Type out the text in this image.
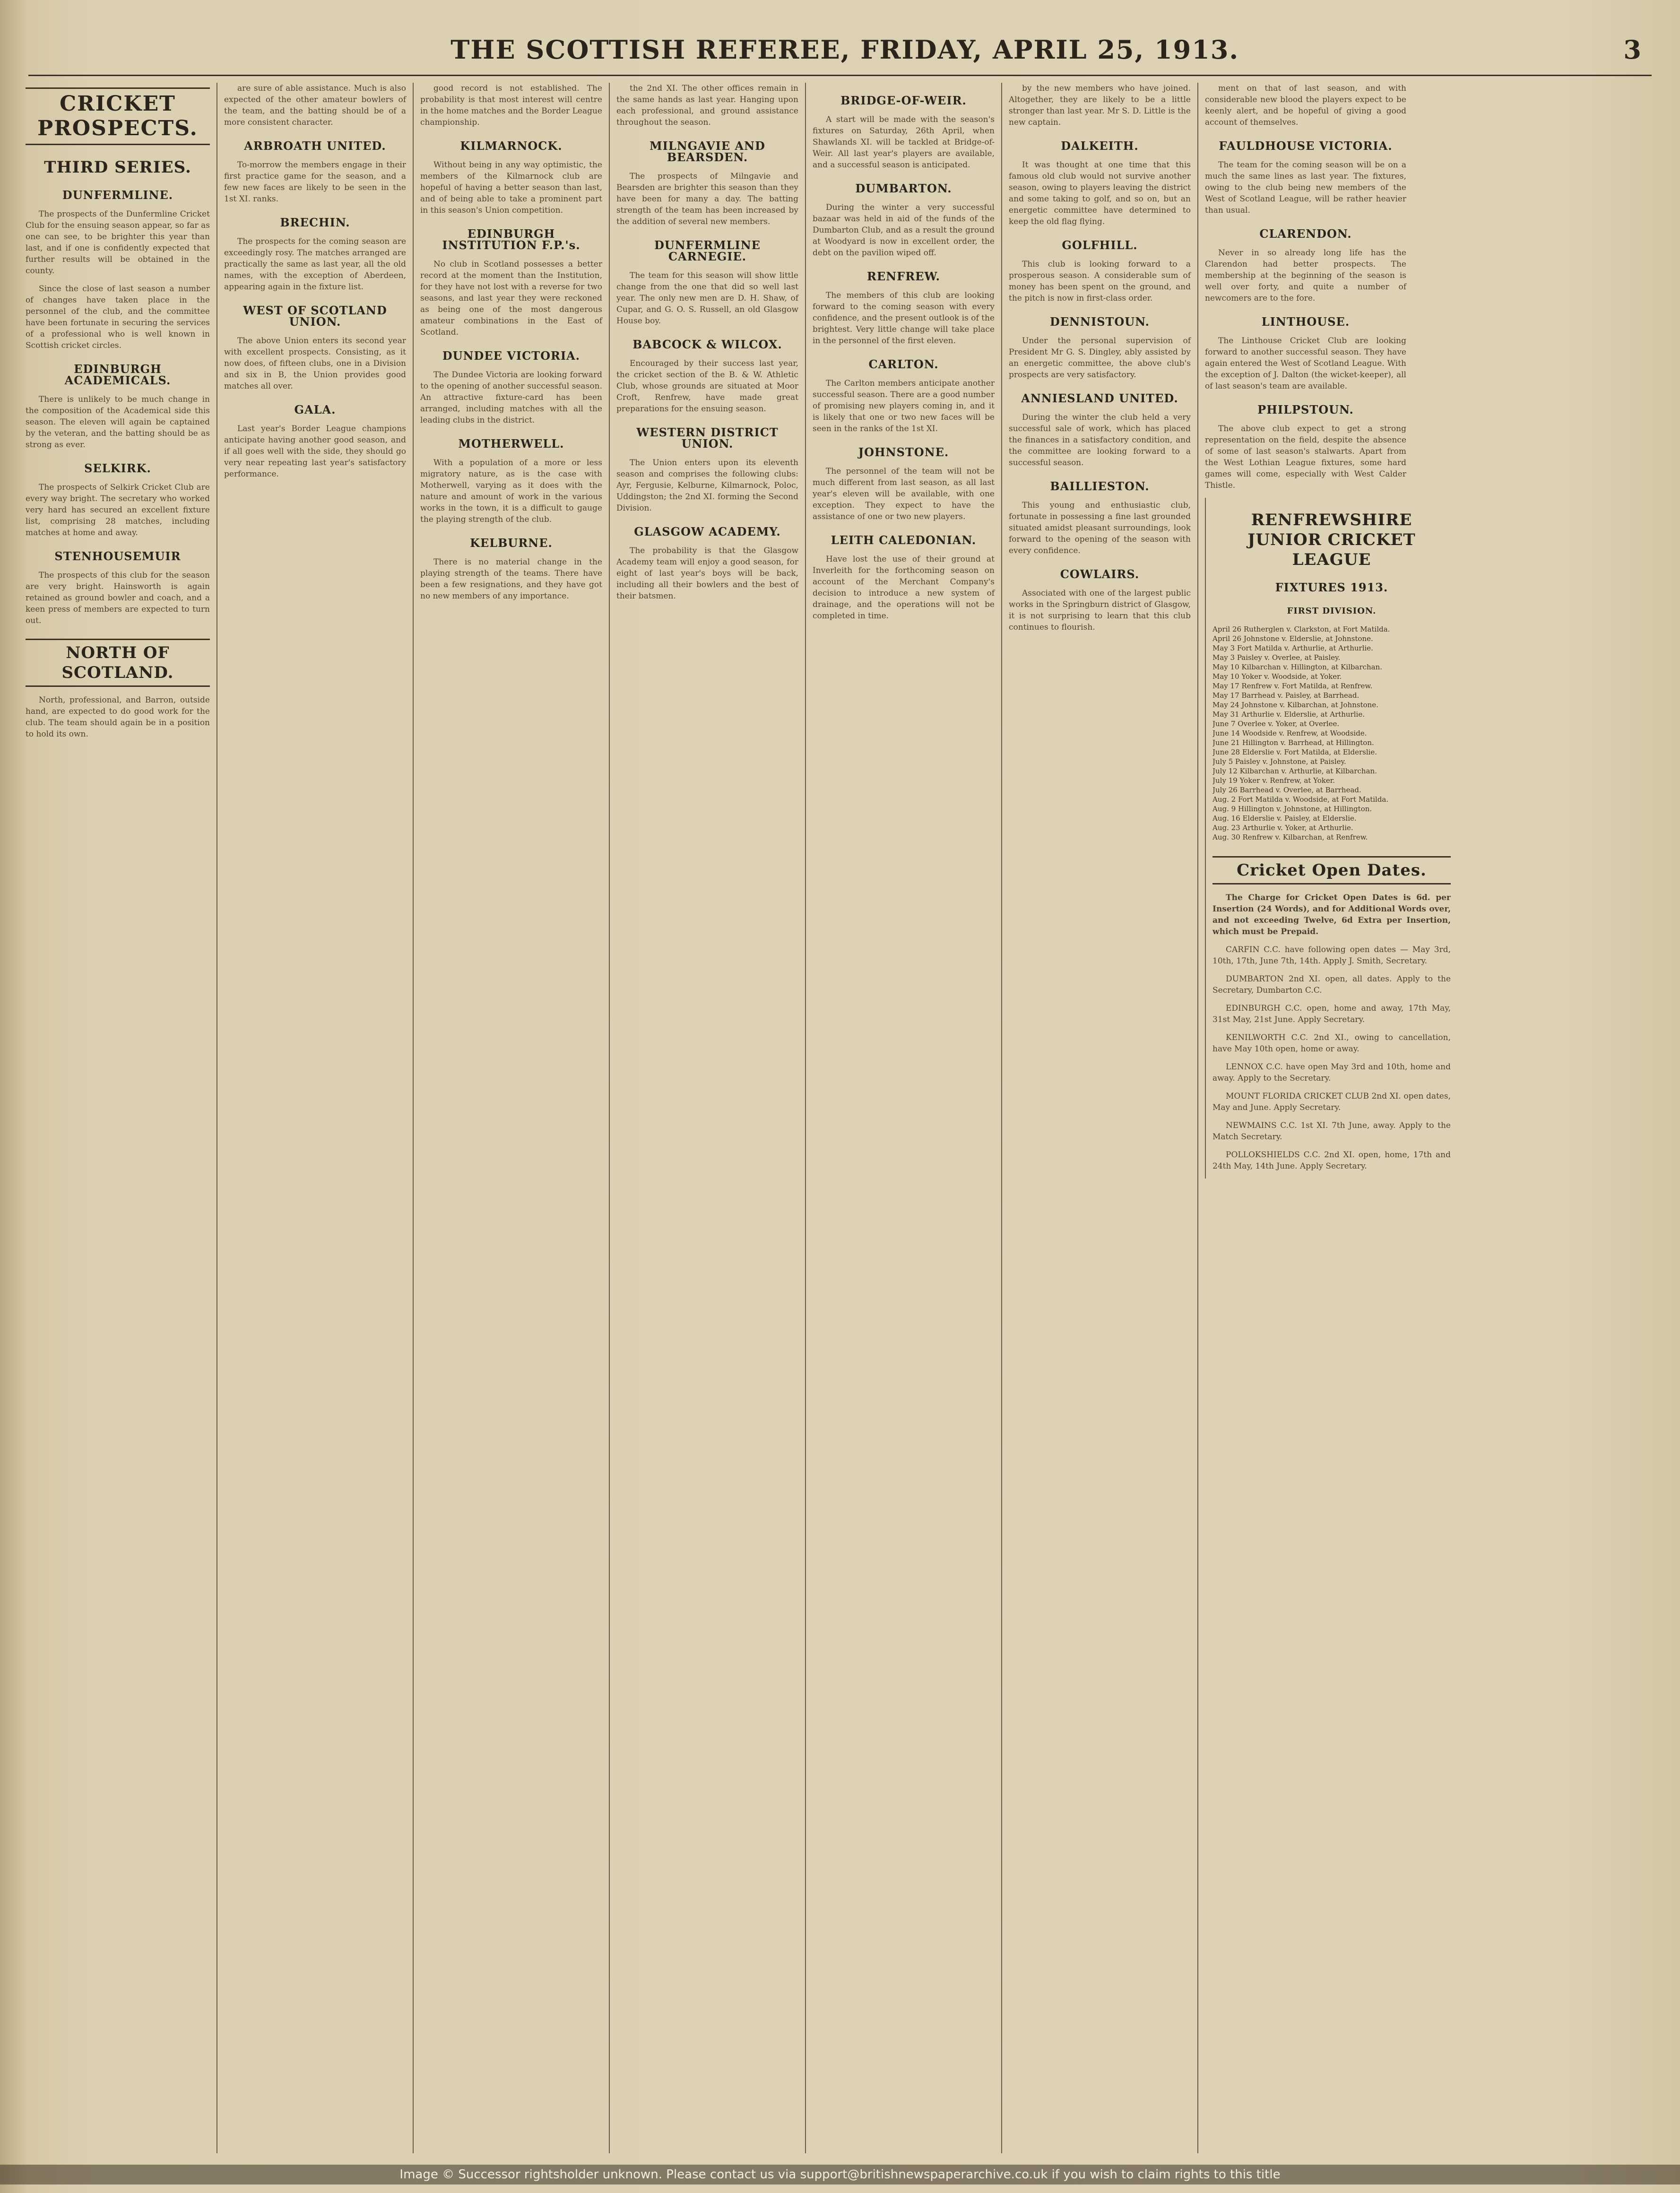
THE SCOTTISH REFEREE, FRIDAY, APRIL 25, 1913.	3
CRICKET PROSPECTS.
THIRD SERIES.
DUNFERMLINE.

The prospects of the Dunfermline Cricket Club for the ensuing season appear, so far as one can see, to be brighter this year than last, and if one is confidently expected that further results will be obtained in the county.

Since the close of last season a number of changes have taken place in the personnel of the club, and the committee have been fortunate in securing the services of a professional who is well known in Scottish cricket circles.

EDINBURGH ACADEMICALS.

There is unlikely to be much change in the composition of the Academical side this season. The eleven will again be captained by the veteran, and the batting should be as strong as ever.

SELKIRK.

The prospects of Selkirk Cricket Club are every way bright. The secretary who worked very hard has secured an excellent fixture list, comprising 28 matches, including matches at home and away.

STENHOUSEMUIR

The prospects of this club for the season are very bright. Hainsworth is again retained as ground bowler and coach, and a keen press of members are expected to turn out.

NORTH OF SCOTLAND.

North, professional, and Barron, outside hand, are expected to do good work for the club. The team should again be in a position to hold its own.

are sure of able assistance. Much is also expected of the other amateur bowlers of the team, and the batting should be of a more consistent character.

ARBROATH UNITED.

To-morrow the members engage in their first practice game for the season, and a few new faces are likely to be seen in the 1st XI. ranks.

BRECHIN.

The prospects for the coming season are exceedingly rosy. The matches arranged are practically the same as last year, all the old names, with the exception of Aberdeen, appearing again in the fixture list.

WEST OF SCOTLAND UNION.

The above Union enters its second year with excellent prospects. Consisting, as it now does, of fifteen clubs, one in a Division and six in B, the Union provides good matches all over.

GALA.

Last year's Border League champions anticipate having another good season, and if all goes well with the side, they should go very near repeating last year's satisfactory performance.

good record is not established. The probability is that most interest will centre in the home matches and the Border League championship.

KILMARNOCK.

Without being in any way optimistic, the members of the Kilmarnock club are hopeful of having a better season than last, and of being able to take a prominent part in this season's Union competition.

EDINBURGH INSTITUTION F.P.'s.

No club in Scotland possesses a better record at the moment than the Institution, for they have not lost with a reverse for two seasons, and last year they were reckoned as being one of the most dangerous amateur combinations in the East of Scotland.

DUNDEE VICTORIA.

The Dundee Victoria are looking forward to the opening of another successful season. An attractive fixture-card has been arranged, including matches with all the leading clubs in the district.

MOTHERWELL.

With a population of a more or less migratory nature, as is the case with Motherwell, varying as it does with the nature and amount of work in the various works in the town, it is a difficult to gauge the playing strength of the club.

KELBURNE.

There is no material change in the playing strength of the teams. There have been a few resignations, and they have got no new members of any importance.

the 2nd XI. The other offices remain in the same hands as last year. Hanging upon each professional, and ground assistance throughout the season.

MILNGAVIE AND BEARSDEN.

The prospects of Milngavie and Bearsden are brighter this season than they have been for many a day. The batting strength of the team has been increased by the addition of several new members.

DUNFERMLINE CARNEGIE.

The team for this season will show little change from the one that did so well last year. The only new men are D. H. Shaw, of Cupar, and G. O. S. Russell, an old Glasgow House boy.

BABCOCK & WILCOX.

Encouraged by their success last year, the cricket section of the B. & W. Athletic Club, whose grounds are situated at Moor Croft, Renfrew, have made great preparations for the ensuing season.

WESTERN DISTRICT UNION.

The Union enters upon its eleventh season and comprises the following clubs: Ayr, Fergusie, Kelburne, Kilmarnock, Poloc, Uddingston; the 2nd XI. forming the Second Division.

GLASGOW ACADEMY.

The probability is that the Glasgow Academy team will enjoy a good season, for eight of last year's boys will be back, including all their bowlers and the best of their batsmen.

BRIDGE-OF-WEIR.

A start will be made with the season's fixtures on Saturday, 26th April, when Shawlands XI. will be tackled at Bridge-of-Weir. All last year's players are available, and a successful season is anticipated.

DUMBARTON.

During the winter a very successful bazaar was held in aid of the funds of the Dumbarton Club, and as a result the ground at Woodyard is now in excellent order, the debt on the pavilion wiped off.

RENFREW.

The members of this club are looking forward to the coming season with every confidence, and the present outlook is of the brightest. Very little change will take place in the personnel of the first eleven.

CARLTON.

The Carlton members anticipate another successful season. There are a good number of promising new players coming in, and it is likely that one or two new faces will be seen in the ranks of the 1st XI.

JOHNSTONE.

The personnel of the team will not be much different from last season, as all last year's eleven will be available, with one exception. They expect to have the assistance of one or two new players.

LEITH CALEDONIAN.

Have lost the use of their ground at Inverleith for the forthcoming season on account of the Merchant Company's decision to introduce a new system of drainage, and the operations will not be completed in time.

by the new members who have joined. Altogether, they are likely to be a little stronger than last year. Mr S. D. Little is the new captain.

DALKEITH.

It was thought at one time that this famous old club would not survive another season, owing to players leaving the district and some taking to golf, and so on, but an energetic committee have determined to keep the old flag flying.

GOLFHILL.

This club is looking forward to a prosperous season. A considerable sum of money has been spent on the ground, and the pitch is now in first-class order.

DENNISTOUN.

Under the personal supervision of President Mr G. S. Dingley, ably assisted by an energetic committee, the above club's prospects are very satisfactory.

ANNIESLAND UNITED.

During the winter the club held a very successful sale of work, which has placed the finances in a satisfactory condition, and the committee are looking forward to a successful season.

BAILLIESTON.

This young and enthusiastic club, fortunate in possessing a fine last grounded situated amidst pleasant surroundings, look forward to the opening of the season with every confidence.

COWLAIRS.

Associated with one of the largest public works in the Springburn district of Glasgow, it is not surprising to learn that this club continues to flourish.

ment on that of last season, and with considerable new blood the players expect to be keenly alert, and be hopeful of giving a good account of themselves.

FAULDHOUSE VICTORIA.

The team for the coming season will be on a much the same lines as last year. The fixtures, owing to the club being new members of the West of Scotland League, will be rather heavier than usual.

CLARENDON.

Never in so already long life has the Clarendon had better prospects. The membership at the beginning of the season is well over forty, and quite a number of newcomers are to the fore.

LINTHOUSE.

The Linthouse Cricket Club are looking forward to another successful season. They have again entered the West of Scotland League. With the exception of J. Dalton (the wicket-keeper), all of last season's team are available.

PHILPSTOUN.

The above club expect to get a strong representation on the field, despite the absence of some of last season's stalwarts. Apart from the West Lothian League fixtures, some hard games will come, especially with West Calder Thistle.

RENFREWSHIRE JUNIOR CRICKET LEAGUE
FIXTURES 1913.
FIRST DIVISION.
April 26 Rutherglen v. Clarkston, at Fort Matilda.
April 26 Johnstone v. Elderslie, at Johnstone.
May 3 Fort Matilda v. Arthurlie, at Arthurlie.
May 3 Paisley v. Overlee, at Paisley.
May 10 Kilbarchan v. Hillington, at Kilbarchan.
May 10 Yoker v. Woodside, at Yoker.
May 17 Renfrew v. Fort Matilda, at Renfrew.
May 17 Barrhead v. Paisley, at Barrhead.
May 24 Johnstone v. Kilbarchan, at Johnstone.
May 31 Arthurlie v. Elderslie, at Arthurlie.
June 7 Overlee v. Yoker, at Overlee.
June 14 Woodside v. Renfrew, at Woodside.
June 21 Hillington v. Barrhead, at Hillington.
June 28 Elderslie v. Fort Matilda, at Elderslie.
July 5 Paisley v. Johnstone, at Paisley.
July 12 Kilbarchan v. Arthurlie, at Kilbarchan.
July 19 Yoker v. Renfrew, at Yoker.
July 26 Barrhead v. Overlee, at Barrhead.
Aug. 2 Fort Matilda v. Woodside, at Fort Matilda.
Aug. 9 Hillington v. Johnstone, at Hillington.
Aug. 16 Elderslie v. Paisley, at Elderslie.
Aug. 23 Arthurlie v. Yoker, at Arthurlie.
Aug. 30 Renfrew v. Kilbarchan, at Renfrew.
Cricket Open Dates.

The Charge for Cricket Open Dates is 6d. per Insertion (24 Words), and for Additional Words over, and not exceeding Twelve, 6d Extra per Insertion, which must be Prepaid.

CARFIN C.C. have following open dates — May 3rd, 10th, 17th, June 7th, 14th. Apply J. Smith, Secretary.

DUMBARTON 2nd XI. open, all dates. Apply to the Secretary, Dumbarton C.C.

EDINBURGH C.C. open, home and away, 17th May, 31st May, 21st June. Apply Secretary.

KENILWORTH C.C. 2nd XI., owing to cancellation, have May 10th open, home or away.

LENNOX C.C. have open May 3rd and 10th, home and away. Apply to the Secretary.

MOUNT FLORIDA CRICKET CLUB 2nd XI. open dates, May and June. Apply Secretary.

NEWMAINS C.C. 1st XI. 7th June, away. Apply to the Match Secretary.

POLLOKSHIELDS C.C. 2nd XI. open, home, 17th and 24th May, 14th June. Apply Secretary.

Image © Successor rightsholder unknown. Please contact us via support@britishnewspaperarchive.co.uk if you wish to claim rights to this title
